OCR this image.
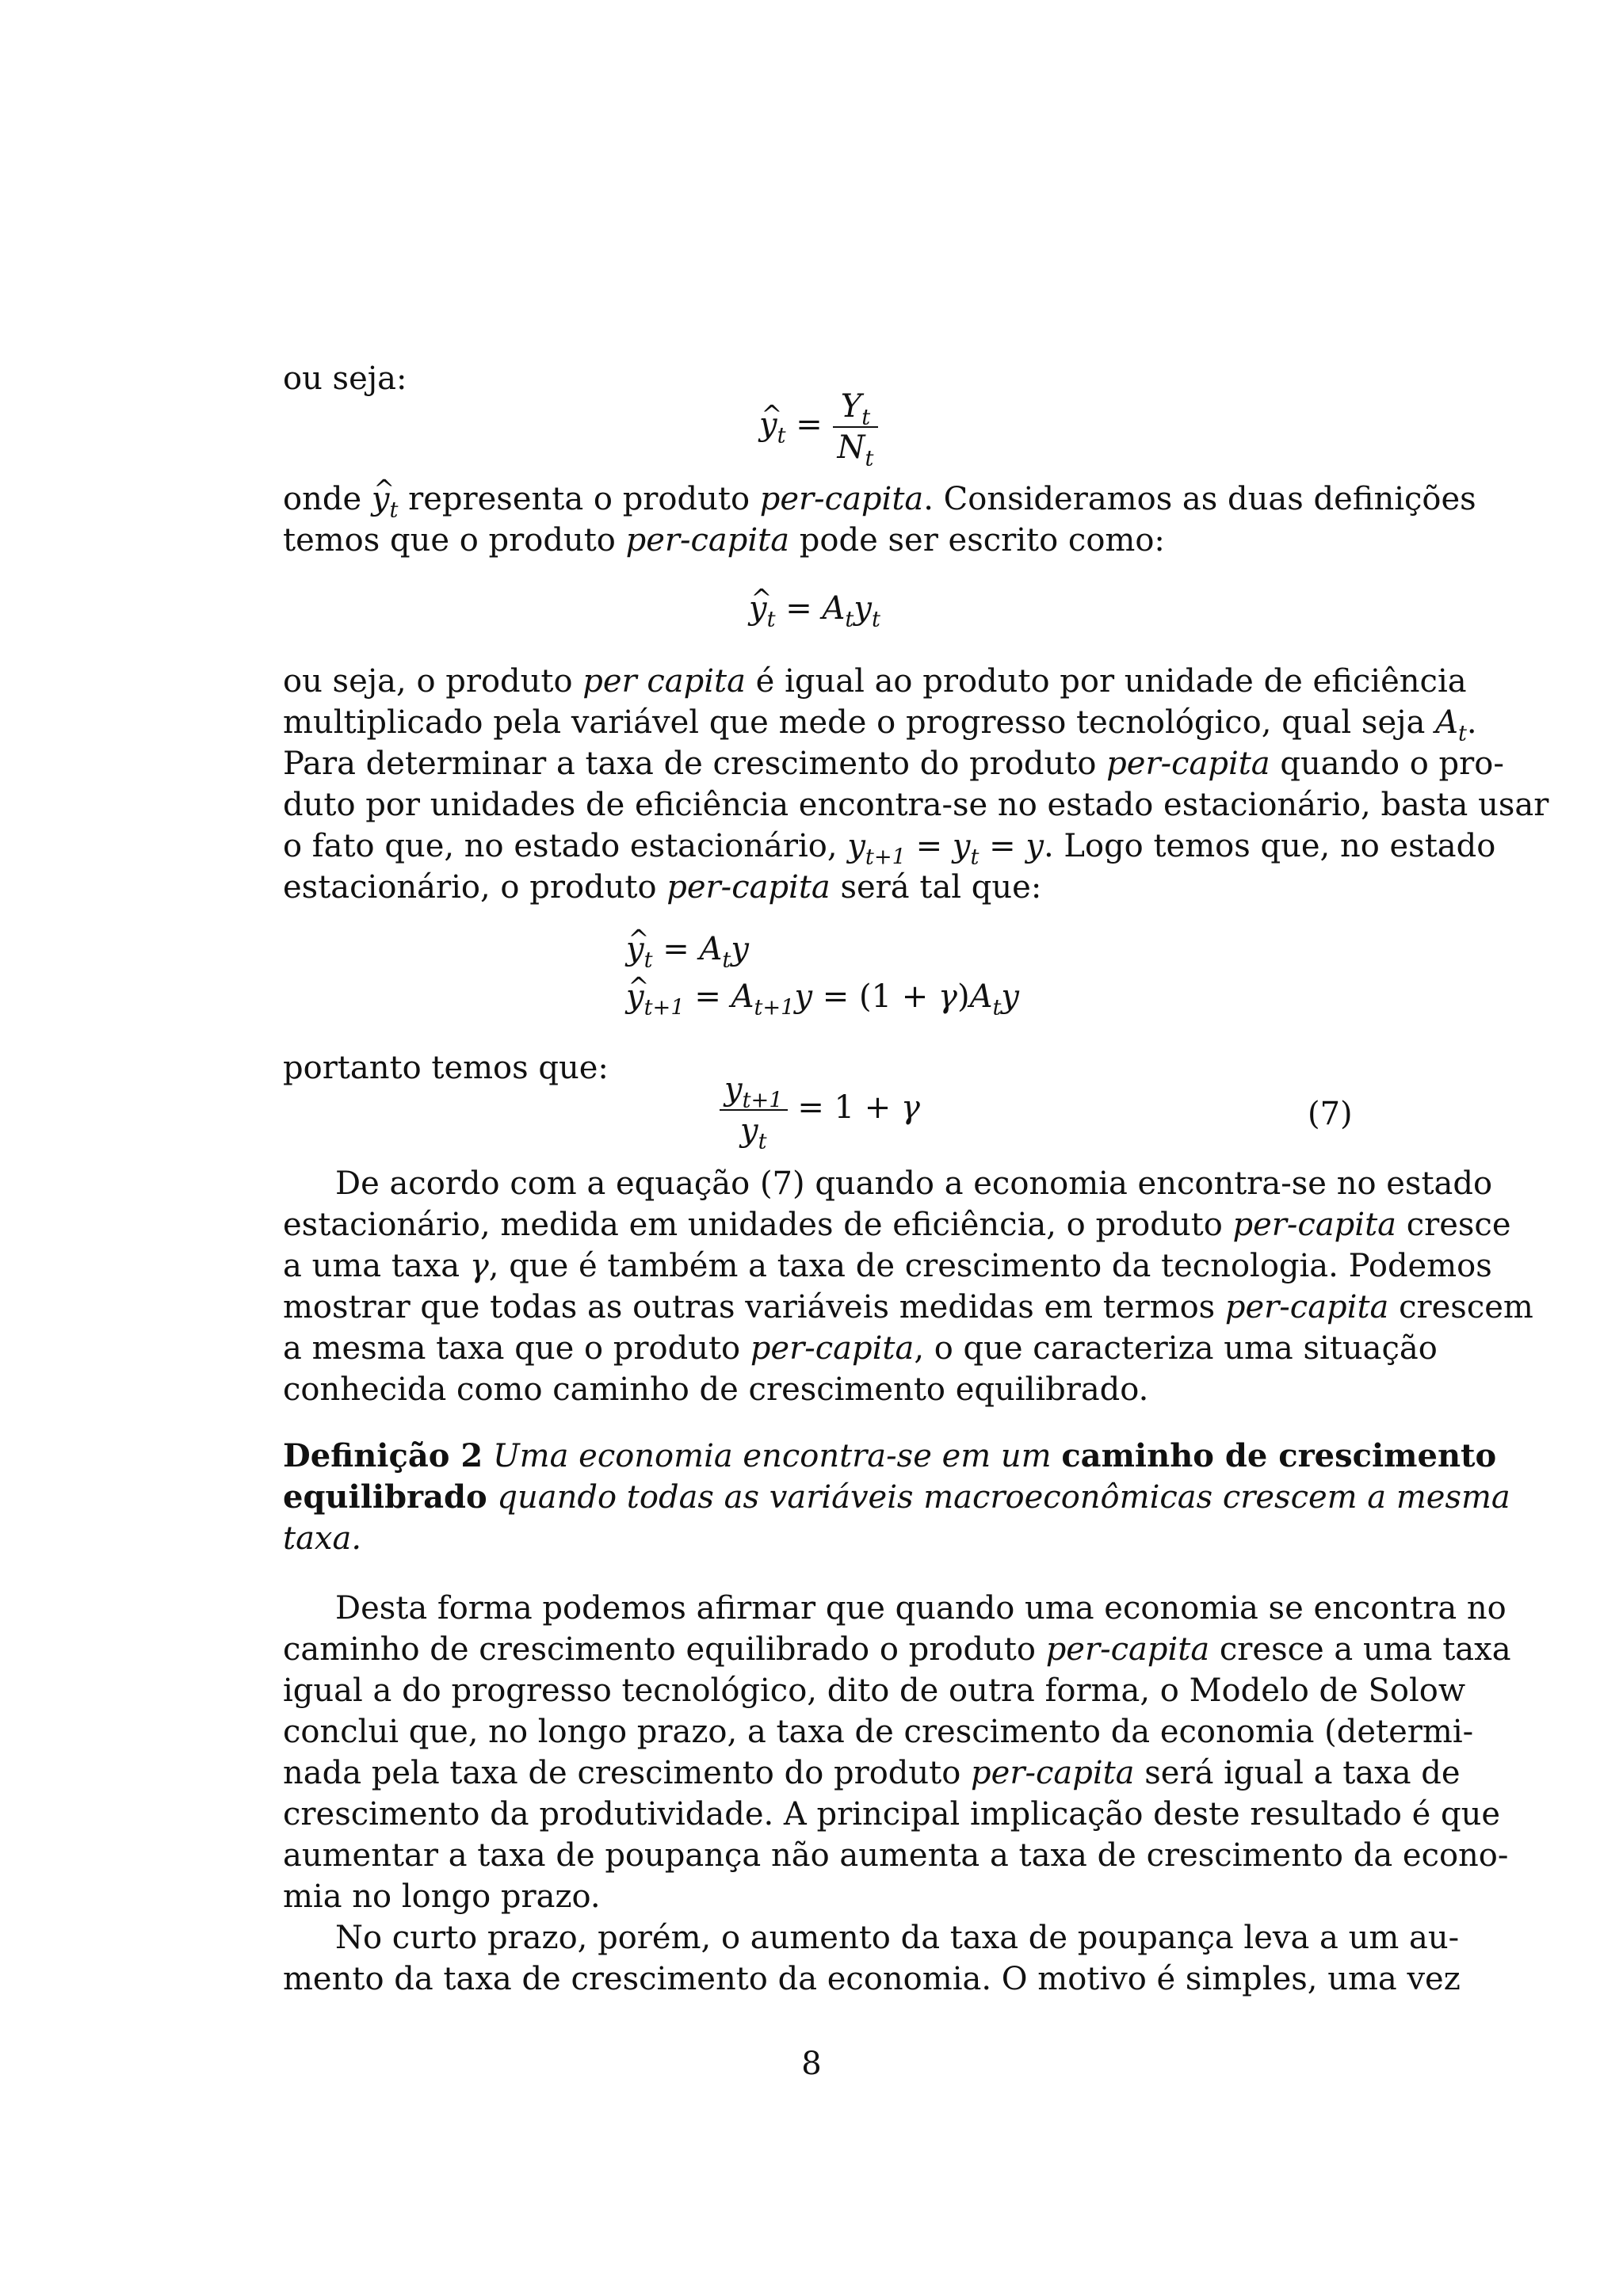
ou seja:
^ $y_t = \frac{Y_t}{N_t}$
onde ^ $y_t$ representa o produto per-capita. Consideramos as duas definições
temos que o produto per-capita pode ser escrito como:
^ $y_t = A_ty_t$
ou seja, o produto per capita é igual ao produto por unidade de eficiência
multiplicado pela variável que mede o progresso tecnológico, qual seja $A_t$.
Para determinar a taxa de crescimento do produto per-capita quando o pro-
duto por unidades de eficiência encontra-se no estado estacionário, basta usar
o fato que, no estado estacionário, $y_{t+1} = y_t = y$. Logo temos que, no estado
estacionário, o produto per-capita será tal que:
^ $y_t = A_ty$
^ $y_{t+1} = A_{t+1}y = (1 + \gamma)A_ty$
portanto temos que:
$\frac{y_{t+1}}{y_t} = 1 + \gamma$	(7)
De acordo com a equação (7) quando a economia encontra-se no estado
estacionário, medida em unidades de eficiência, o produto per-capita cresce
a uma taxa γ, que é também a taxa de crescimento da tecnologia. Podemos
mostrar que todas as outras variáveis medidas em termos per-capita crescem
a mesma taxa que o produto per-capita, o que caracteriza uma situação
conhecida como caminho de crescimento equilibrado.
Definição 2 Uma economia encontra-se em um caminho de crescimento
equilibrado quando todas as variáveis macroeconômicas crescem a mesma
taxa.
Desta forma podemos afirmar que quando uma economia se encontra no
caminho de crescimento equilibrado o produto per-capita cresce a uma taxa
igual a do progresso tecnológico, dito de outra forma, o Modelo de Solow
conclui que, no longo prazo, a taxa de crescimento da economia (determi-
nada pela taxa de crescimento do produto per-capita será igual a taxa de
crescimento da produtividade. A principal implicação deste resultado é que
aumentar a taxa de poupança não aumenta a taxa de crescimento da econo-
mia no longo prazo.
No curto prazo, porém, o aumento da taxa de poupança leva a um au-
mento da taxa de crescimento da economia. O motivo é simples, uma vez
8
